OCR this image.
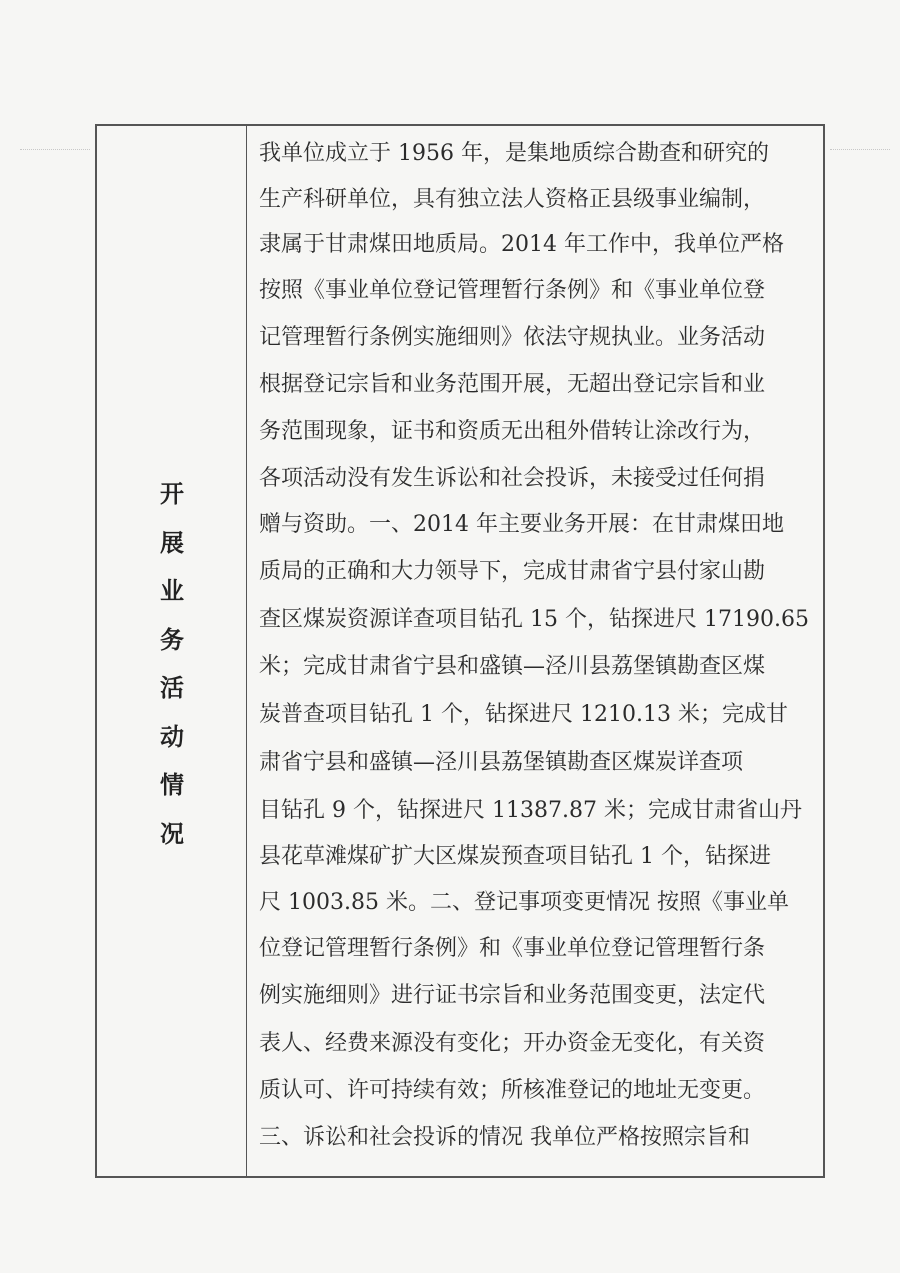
开
展
业
务
活
动
情
况
我单位成立于 1956 年，是集地质综合勘查和研究的
生产科研单位，具有独立法人资格正县级事业编制，
隶属于甘肃煤田地质局。2014 年工作中，我单位严格
按照《事业单位登记管理暂行条例》和《事业单位登
记管理暂行条例实施细则》依法守规执业。业务活动
根据登记宗旨和业务范围开展，无超出登记宗旨和业
务范围现象，证书和资质无出租外借转让涂改行为，
各项活动没有发生诉讼和社会投诉，未接受过任何捐
赠与资助。一、2014 年主要业务开展：在甘肃煤田地
质局的正确和大力领导下，完成甘肃省宁县付家山勘
查区煤炭资源详查项目钻孔 15 个，钻探进尺 17190.65
米；完成甘肃省宁县和盛镇—泾川县荔堡镇勘查区煤
炭普查项目钻孔 1 个，钻探进尺 1210.13 米；完成甘
肃省宁县和盛镇—泾川县荔堡镇勘查区煤炭详查项
目钻孔 9 个，钻探进尺 11387.87 米；完成甘肃省山丹
县花草滩煤矿扩大区煤炭预查项目钻孔 1 个，钻探进
尺 1003.85 米。二、登记事项变更情况 按照《事业单
位登记管理暂行条例》和《事业单位登记管理暂行条
例实施细则》进行证书宗旨和业务范围变更，法定代
表人、经费来源没有变化；开办资金无变化，有关资
质认可、许可持续有效；所核准登记的地址无变更。
三、诉讼和社会投诉的情况 我单位严格按照宗旨和
